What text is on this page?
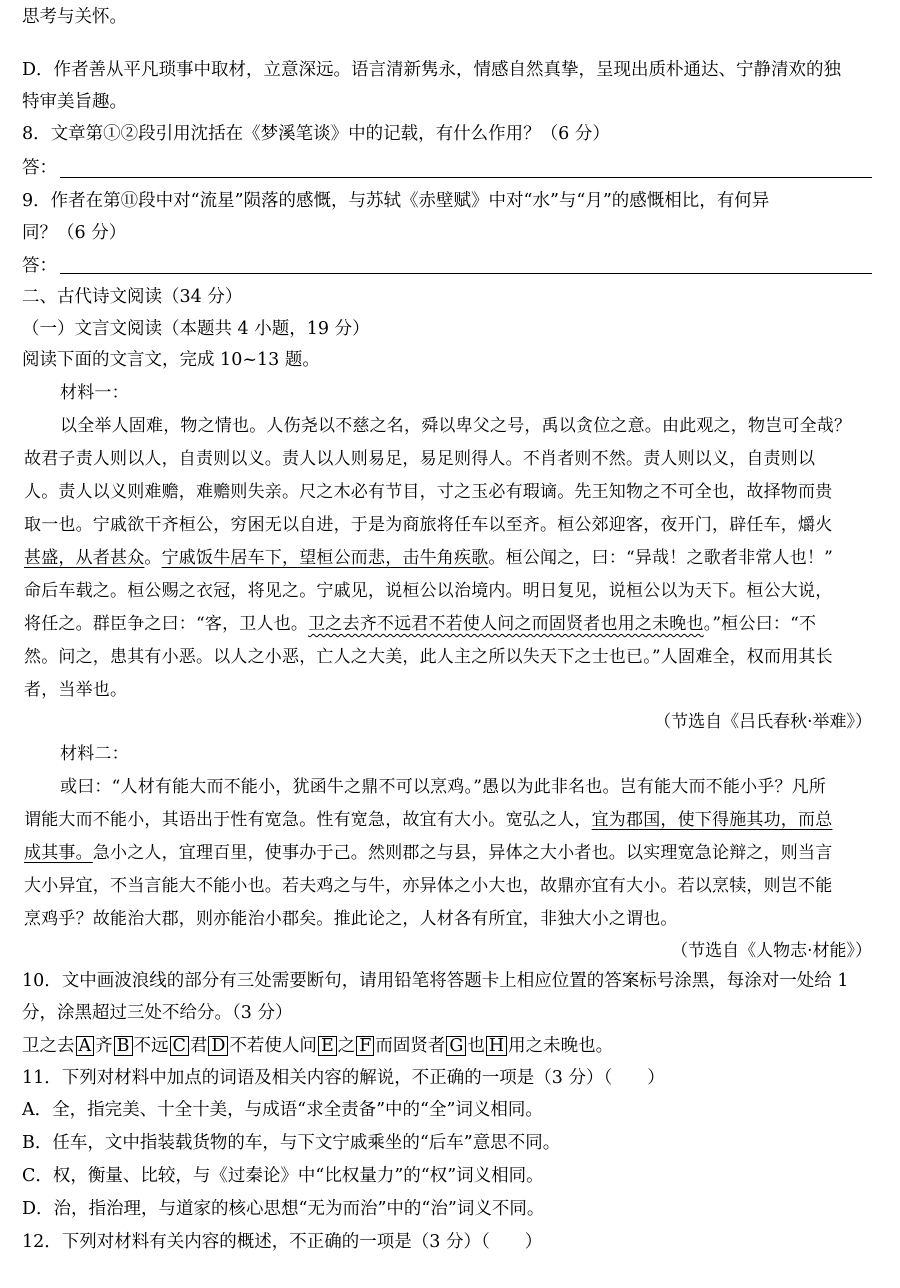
思考与关怀。
D．作者善从平凡琐事中取材，立意深远。语言清新隽永，情感自然真挚，呈现出质朴通达、宁静清欢的独
特审美旨趣。
8．文章第①②段引用沈括在《梦溪笔谈》中的记载，有什么作用？（6 分）
答：
9．作者在第⑪段中对“流星”陨落的感慨，与苏轼《赤壁赋》中对“水”与“月”的感慨相比，有何异
同？（6 分）
答：
二、古代诗文阅读（34 分）
（一）文言文阅读（本题共 4 小题，19 分）
阅读下面的文言文，完成 10~13 题。
材料一：
以全举人固难，物之情也。人伤尧以不慈之名，舜以卑父之号，禹以贪位之意。由此观之，物岂可全哉？
故君子责人则以人，自责则以义。责人以人则易足，易足则得人。不肖者则不然。责人则以义，自责则以
人。责人以义则难赡，难赡则失亲。尺之木必有节目，寸之玉必有瑕谪。先王知物之不可全也，故择物而贵
取一也。宁戚欲干齐桓公，穷困无以自进，于是为商旅将任车以至齐。桓公郊迎客，夜开门，辟任车，爝火
甚盛，从者甚众。宁戚饭牛居车下，望桓公而悲，击牛角疾歌。桓公闻之，曰：“异哉！之歌者非常人也！”
命后车载之。桓公赐之衣冠，将见之。宁戚见，说桓公以治境内。明日复见，说桓公以为天下。桓公大说，
将任之。群臣争之曰：“客，卫人也。卫之去齐不远君不若使人问之而固贤者也用之未晚也。”桓公曰：“不
然。问之，患其有小恶。以人之小恶，亡人之大美，此人主之所以失天下之士也已。”人固难全，权而用其长
者，当举也。
（节选自《吕氏春秋·举难》）
材料二：
或曰：“人材有能大而不能小，犹函牛之鼎不可以烹鸡。”愚以为此非名也。岂有能大而不能小乎？凡所
谓能大而不能小，其语出于性有宽急。性有宽急，故宜有大小。宽弘之人，宜为郡国，使下得施其功，而总
成其事。急小之人，宜理百里，使事办于己。然则郡之与县，异体之大小者也。以实理宽急论辩之，则当言
大小异宜，不当言能大不能小也。若夫鸡之与牛，亦异体之小大也，故鼎亦宜有大小。若以烹犊，则岂不能
烹鸡乎？故能治大郡，则亦能治小郡矣。推此论之，人材各有所宜，非独大小之谓也。
（节选自《人物志·材能》）
10．文中画波浪线的部分有三处需要断句，请用铅笔将答题卡上相应位置的答案标号涂黑，每涂对一处给 1
分，涂黑超过三处不给分。（3 分）
卫之去 A 齐 B 不远 C 君 D 不若使人问 E 之 F 而固贤者 G 也 H 用之未晚也。
11．下列对材料中加点的词语及相关内容的解说，不正确的一项是（3 分）（　　）
A．全，指完美、十全十美，与成语“求全责备”中的“全”词义相同。
B．任车，文中指装载货物的车，与下文宁戚乘坐的“后车”意思不同。
C．权，衡量、比较，与《过秦论》中“比权量力”的“权”词义相同。
D．治，指治理，与道家的核心思想“无为而治”中的“治”词义不同。
12．下列对材料有关内容的概述，不正确的一项是（3 分）（　　）
